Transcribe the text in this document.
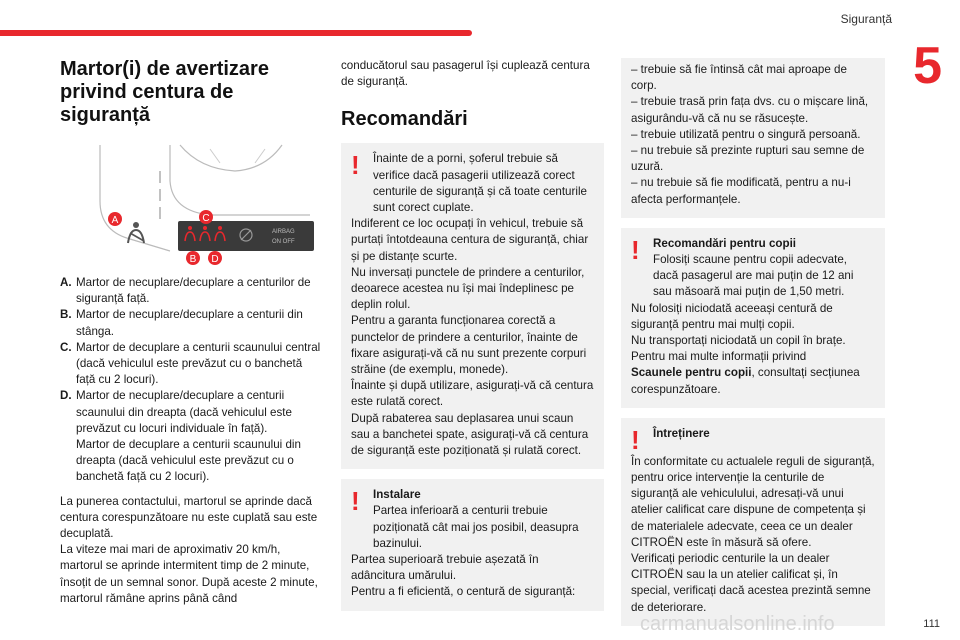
Siguranță
5
Martor(i) de avertizare privind centura de siguranță
AIRBAG
ON OFF
A	C
B D
A. Martor de necuplare/decuplare a centurilor de siguranță față.
B. Martor de necuplare/decuplare a centurii din stânga.
C. Martor de decuplare a centurii scaunului central (dacă vehiculul este prevăzut cu o banchetă față cu 2 locuri).
D. Martor de necuplare/decuplare a centurii scaunului din dreapta (dacă vehiculul este prevăzut cu locuri individuale în față).
Martor de decuplare a centurii scaunului din dreapta (dacă vehiculul este prevăzut cu o banchetă față cu 2 locuri).

La punerea contactului, martorul se aprinde dacă centura corespunzătoare nu este cuplată sau este decuplată.

La viteze mai mari de aproximativ 20 km/h, martorul se aprinde intermitent timp de 2 minute, însoțit de un semnal sonor. După aceste 2 minute, martorul rămâne aprins până când

conducătorul sau pasagerul își cuplează centura de siguranță.

Recomandări
!	Înainte de a porni, șoferul trebuie să verifice dacă pasagerii utilizează corect centurile de siguranță și că toate centurile sunt corect cuplate.
Indiferent ce loc ocupați în vehicul, trebuie să purtați întotdeauna centura de siguranță, chiar și pe distanțe scurte.
Nu inversați punctele de prindere a centurilor, deoarece acestea nu își mai îndeplinesc pe deplin rolul.
Pentru a garanta funcționarea corectă a punctelor de prindere a centurilor, înainte de fixare asigurați-vă că nu sunt prezente corpuri străine (de exemplu, monede).
Înainte și după utilizare, asigurați-vă că centura este rulată corect.
După rabaterea sau deplasarea unui scaun sau a banchetei spate, asigurați-vă că centura de siguranță este poziționată și rulată corect.
!	Instalare
Partea inferioară a centurii trebuie poziționată cât mai jos posibil, deasupra bazinului.
Partea superioară trebuie așezată în adâncitura umărului.
Pentru a fi eficientă, o centură de siguranță:
– trebuie să fie întinsă cât mai aproape de corp.
– trebuie trasă prin fața dvs. cu o mișcare lină, asigurându-vă că nu se răsucește.
– trebuie utilizată pentru o singură persoană.
– nu trebuie să prezinte rupturi sau semne de uzură.
– nu trebuie să fie modificată, pentru a nu-i afecta performanțele.
!	Recomandări pentru copii
Folosiți scaune pentru copii adecvate, dacă pasagerul are mai puțin de 12 ani sau măsoară mai puțin de 1,50 metri.
Nu folosiți niciodată aceeași centură de siguranță pentru mai mulți copii.
Nu transportați niciodată un copil în brațe.
Pentru mai multe informații privind
Scaunele pentru copii, consultați secțiunea corespunzătoare.
!	Întreținere
În conformitate cu actualele reguli de siguranță, pentru orice intervenție la centurile de siguranță ale vehiculului, adresați-vă unui atelier calificat care dispune de competența și de materialele adecvate, ceea ce un dealer CITROËN este în măsură să ofere.
Verificați periodic centurile la un dealer CITROËN sau la un atelier calificat și, în special, verificați dacă acestea prezintă semne de deteriorare.
111
carmanualsonline.info
